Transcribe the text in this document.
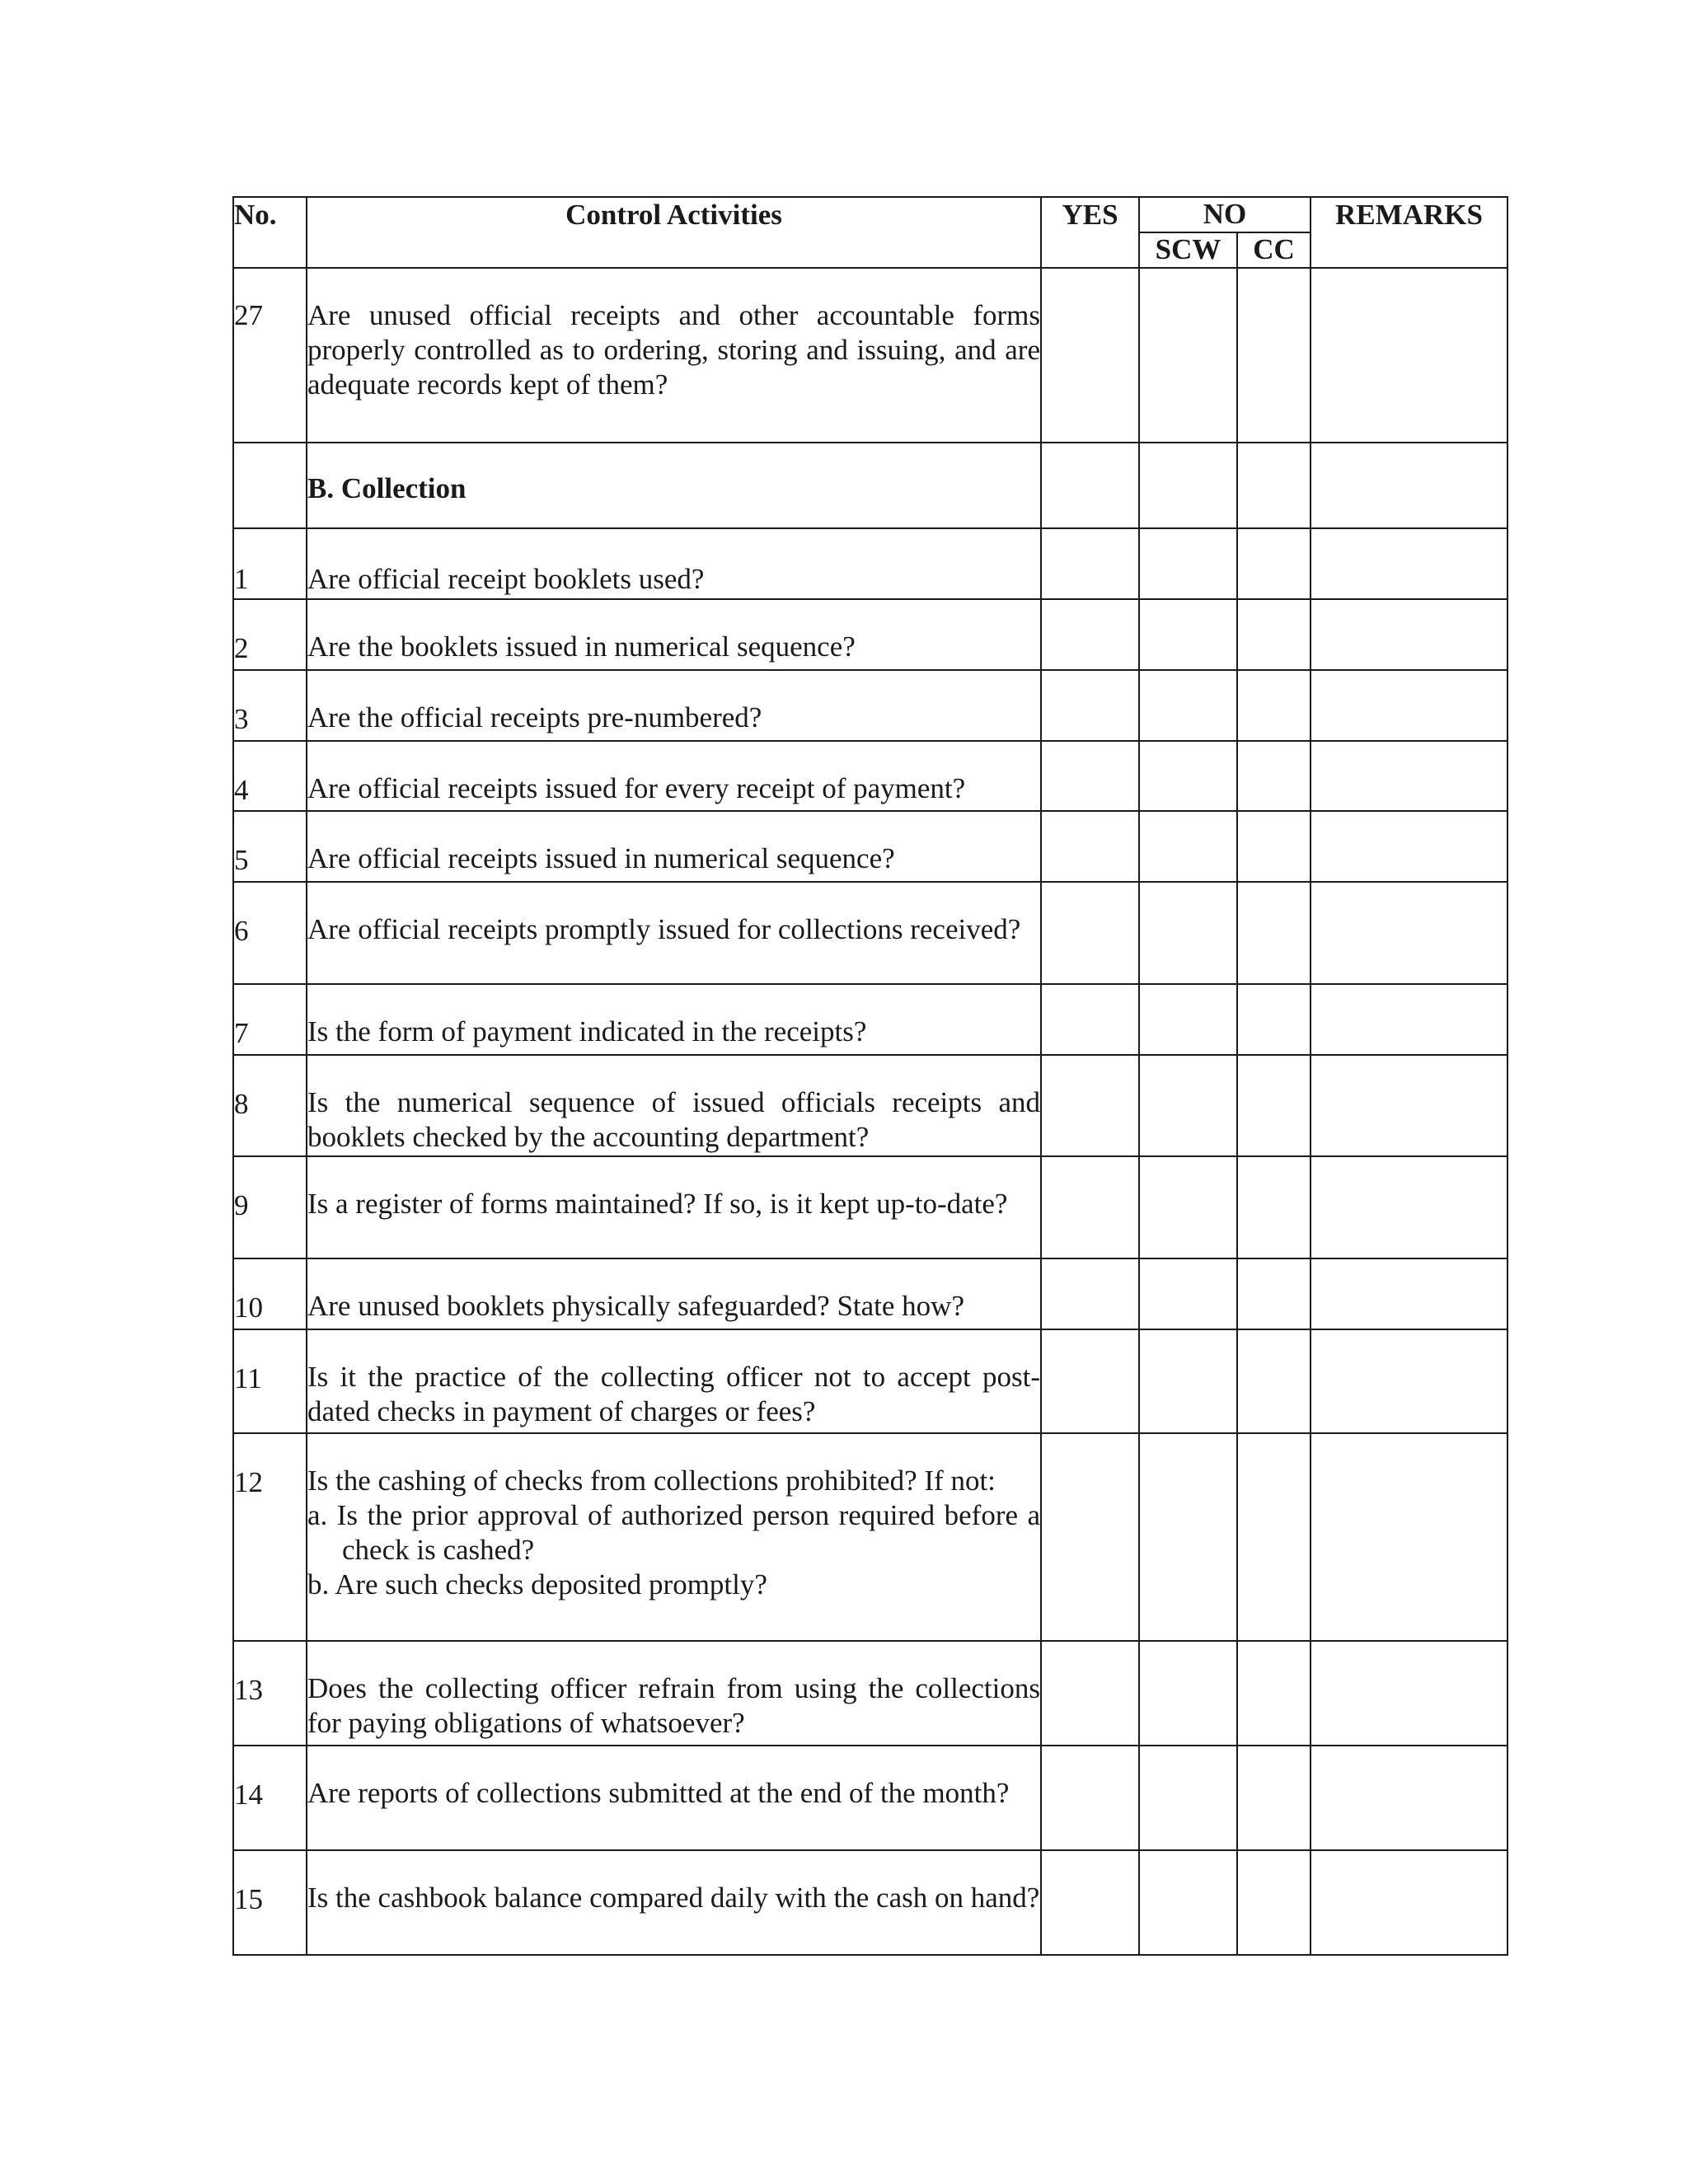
No.	Control Activities	YES	NO		REMARKS
			SCW	CC	
27	Are unused official receipts and other accountable forms properly controlled as to ordering, storing and issuing, and are adequate records kept of them?				
	B. Collection				
1	Are official receipt booklets used?				
2	Are the booklets issued in numerical sequence?				
3	Are the official receipts pre-numbered?				
4	Are official receipts issued for every receipt of payment?				
5	Are official receipts issued in numerical sequence?				
6	Are official receipts promptly issued for collections received?				
7	Is the form of payment indicated in the receipts?				
8	Is the numerical sequence of issued officials receipts and booklets checked by the accounting department?				
9	Is a register of forms maintained? If so, is it kept up-to-date?				
10	Are unused booklets physically safeguarded? State how?				
11	Is it the practice of the collecting officer not to accept post-dated checks in payment of charges or fees?				
12	Is the cashing of checks from collections prohibited? If not:
a. Is the prior approval of authorized person required before a check is cashed?
b. Are such checks deposited promptly?				

13	Does the collecting officer refrain from using the collections for paying obligations of whatsoever?				
14	Are reports of collections submitted at the end of the month?				
15	Is the cashbook balance compared daily with the cash on hand?				
